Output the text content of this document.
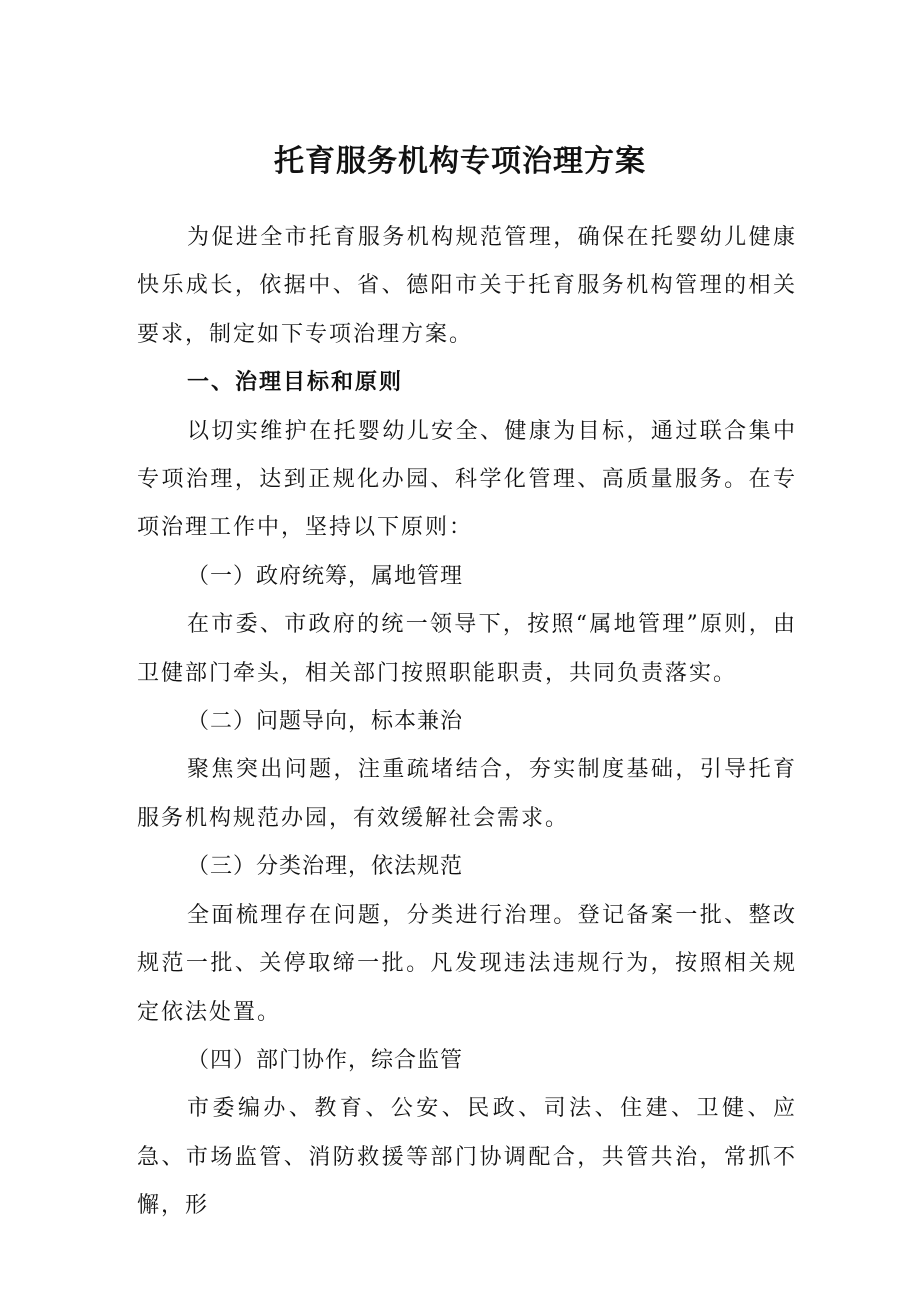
托育服务机构专项治理方案

为促进全市托育服务机构规范管理，确保在托婴幼儿健康快乐成长，依据中、省、德阳市关于托育服务机构管理的相关要求，制定如下专项治理方案。

一、治理目标和原则

以切实维护在托婴幼儿安全、健康为目标，通过联合集中专项治理，达到正规化办园、科学化管理、高质量服务。在专项治理工作中，坚持以下原则：

（一）政府统筹，属地管理

在市委、市政府的统一领导下，按照“属地管理”原则，由卫健部门牵头，相关部门按照职能职责，共同负责落实。

（二）问题导向，标本兼治

聚焦突出问题，注重疏堵结合，夯实制度基础，引导托育服务机构规范办园，有效缓解社会需求。

（三）分类治理，依法规范

全面梳理存在问题，分类进行治理。登记备案一批、整改规范一批、关停取缔一批。凡发现违法违规行为，按照相关规定依法处置。

（四）部门协作，综合监管

市委编办、教育、公安、民政、司法、住建、卫健、应急、市场监管、消防救援等部门协调配合，共管共治，常抓不懈，形
